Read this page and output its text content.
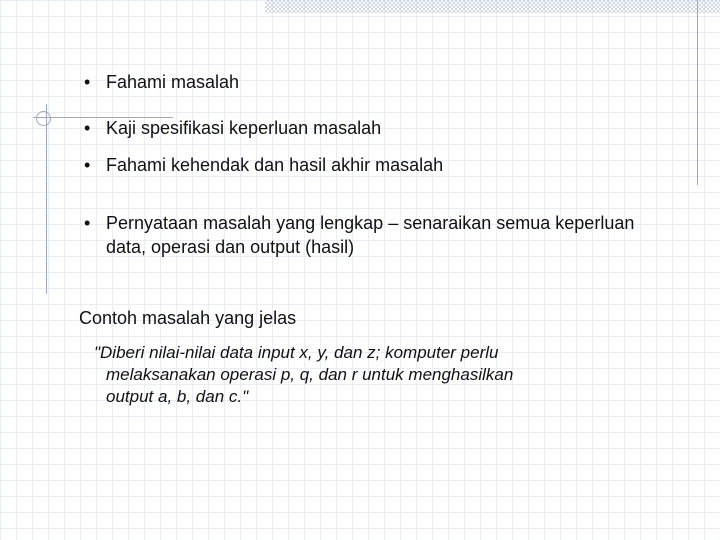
• Fahami masalah
• Kaji spesifikasi keperluan masalah
• Fahami kehendak dan hasil akhir masalah
• Pernyataan masalah yang lengkap – senaraikan semua keperluan data, operasi dan output (hasil)
Contoh masalah yang jelas
"Diberi nilai-nilai data input x, y, dan z; komputer perlu
melaksanakan operasi p, q, dan r untuk menghasilkan
output a, b, dan c."
